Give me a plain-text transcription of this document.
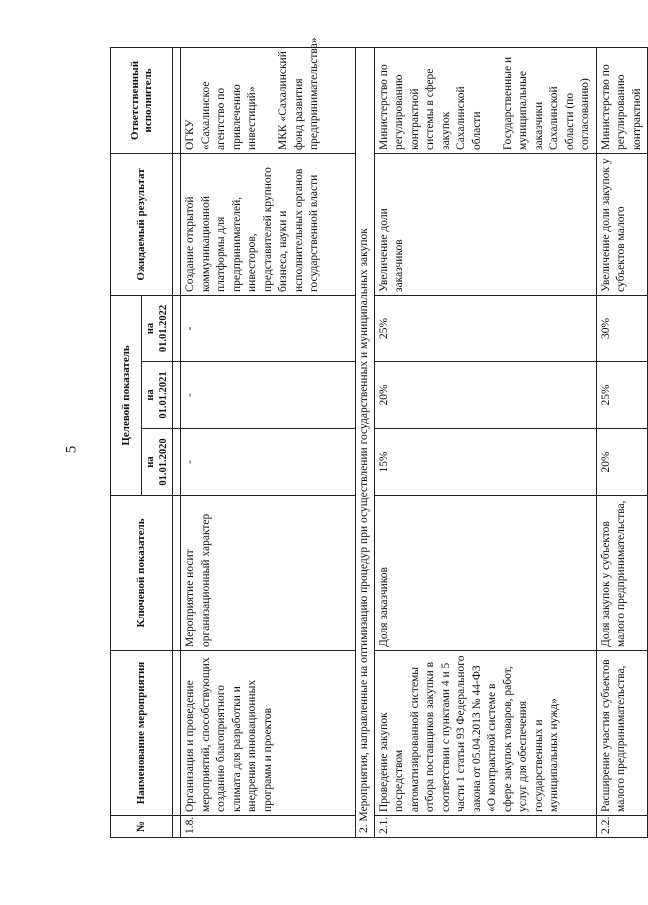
5
№	Наименование мероприятия	Ключевой показатель	Целевой показатель			Ожидаемый результат	Ответственный исполнитель
			на 01.01.2020	на 01.01.2021	на 01.01.2022		

1.8.	Организация и проведение мероприятий, способствующих созданию благоприятного климата для разработки и внедрения инновационных программ и проектов	Мероприятие носит организационный характер	-	-	-	Создание открытой коммуникационной платформы для предпринимателей, инвесторов, представителей крупного бизнеса, науки и исполнительных органов государственной власти	ОГКУ «Сахалинское агентство по привлечению инвестиций»

МКК «Сахалинский фонд развития предпринимательства»
2. Мероприятия, направленные на оптимизацию процедур при осуществлении государственных и муниципальных закупок							
2.1.	Проведение закупок посредством автоматизированной системы отбора поставщиков закупки в соответствии с пунктами 4 и 5 части 1 статьи 93 Федерального закона от 05.04.2013 № 44-ФЗ «О контрактной системе в сфере закупок товаров, работ, услуг для обеспечения государственных и муниципальных нужд»	Доля заказчиков	15%	20%	25%	Увеличение доли заказчиков	Министерство по регулированию контрактной системы в сфере закупок Сахалинской области

Государственные и муниципальные заказчики Сахалинской области (по согласованию)
2.2.	Расширение участия субъектов малого предпринимательства,	Доля закупок у субъектов малого предпринимательства,	20%	25%	30%	Увеличение доли закупок у субъектов малого	Министерство по регулированию контрактной
